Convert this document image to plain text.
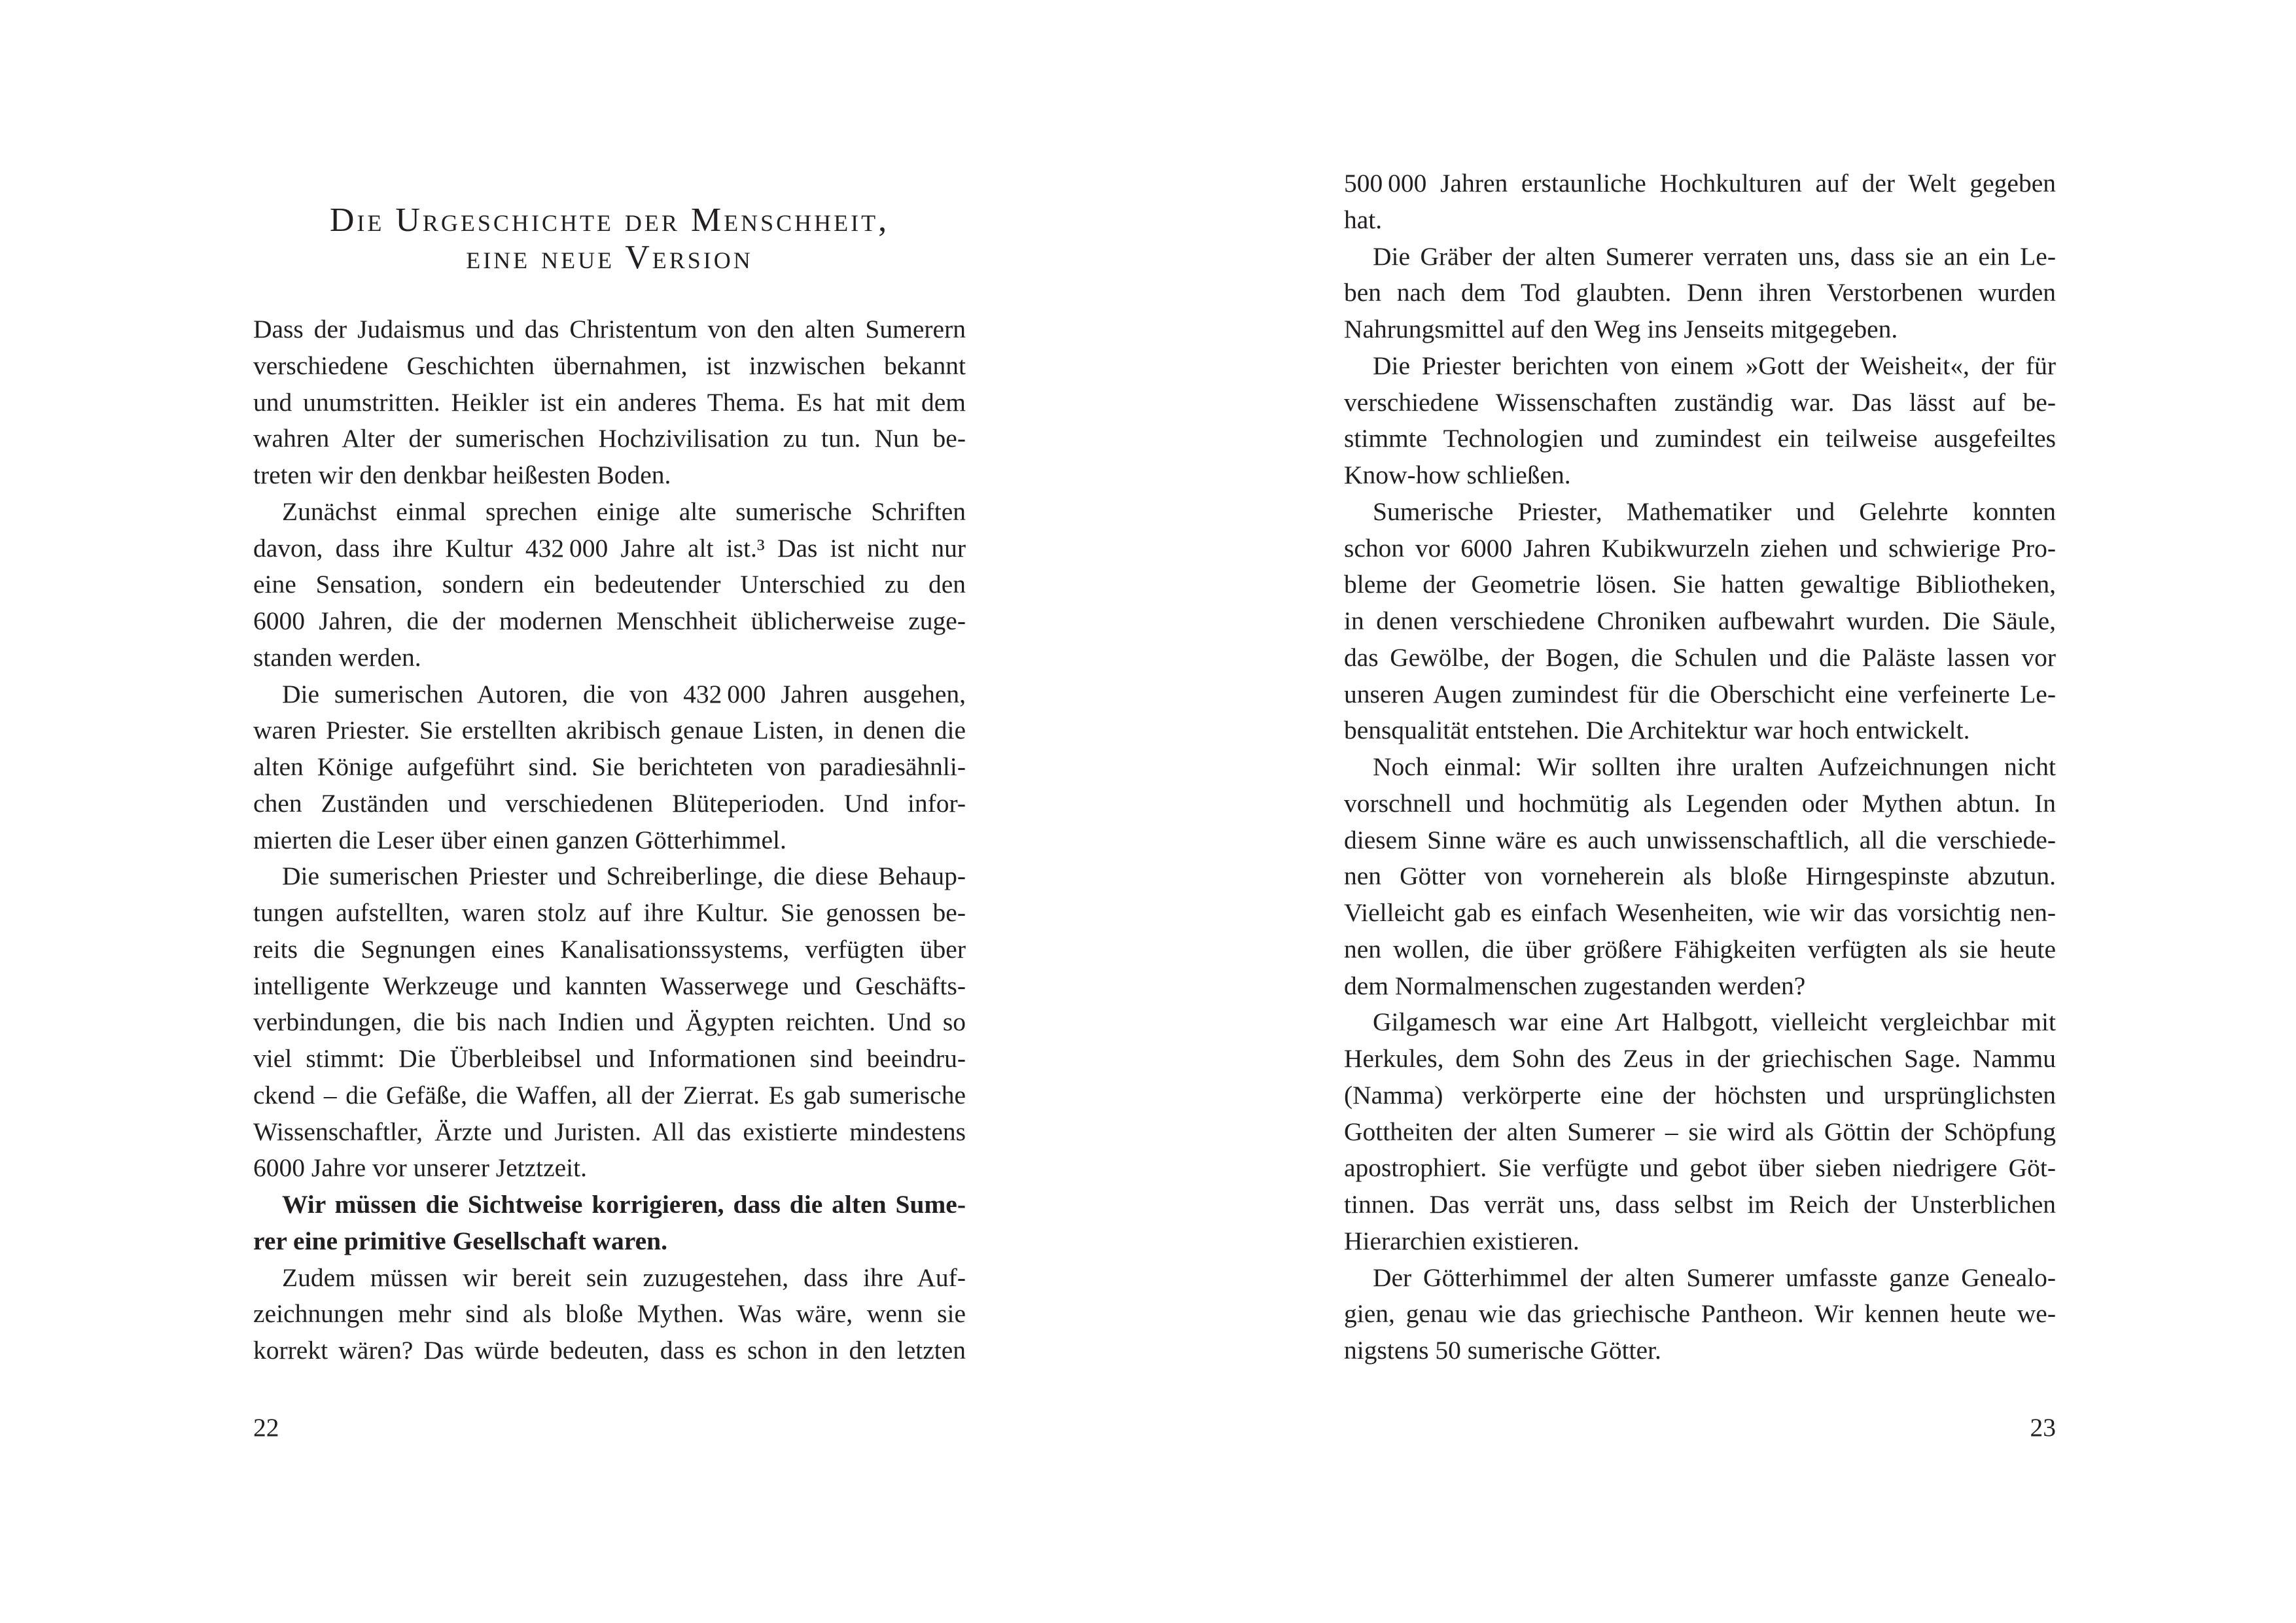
Die Urgeschichte der Menschheit,
eine neue Version
Dass der Judaismus und das Christentum von den alten Sumerern
verschiedene Geschichten übernahmen, ist inzwischen bekannt
und unumstritten. Heikler ist ein anderes Thema. Es hat mit dem
wahren Alter der sumerischen Hochzivilisation zu tun. Nun be-
treten wir den denkbar heißesten Boden.
Zunächst einmal sprechen einige alte sumerische Schriften
davon, dass ihre Kultur 432 000 Jahre alt ist.³ Das ist nicht nur
eine Sensation, sondern ein bedeutender Unterschied zu den
6000 Jahren, die der modernen Menschheit üblicherweise zuge-
standen werden.
Die sumerischen Autoren, die von 432 000 Jahren ausgehen,
waren Priester. Sie erstellten akribisch genaue Listen, in denen die
alten Könige aufgeführt sind. Sie berichteten von paradiesähnli-
chen Zuständen und verschiedenen Blüteperioden. Und infor-
mierten die Leser über einen ganzen Götterhimmel.
Die sumerischen Priester und Schreiberlinge, die diese Behaup-
tungen aufstellten, waren stolz auf ihre Kultur. Sie genossen be-
reits die Segnungen eines Kanalisationssystems, verfügten über
intelligente Werkzeuge und kannten Wasserwege und Geschäfts-
verbindungen, die bis nach Indien und Ägypten reichten. Und so
viel stimmt: Die Überbleibsel und Informationen sind beeindru-
ckend – die Gefäße, die Waffen, all der Zierrat. Es gab sumerische
Wissenschaftler, Ärzte und Juristen. All das existierte mindestens
6000 Jahre vor unserer Jetztzeit.
Wir müssen die Sichtweise korrigieren, dass die alten Sume-
rer eine primitive Gesellschaft waren.
Zudem müssen wir bereit sein zuzugestehen, dass ihre Auf-
zeichnungen mehr sind als bloße Mythen. Was wäre, wenn sie
korrekt wären? Das würde bedeuten, dass es schon in den letzten
22
500 000 Jahren erstaunliche Hochkulturen auf der Welt gegeben
hat.
Die Gräber der alten Sumerer verraten uns, dass sie an ein Le-
ben nach dem Tod glaubten. Denn ihren Verstorbenen wurden
Nahrungsmittel auf den Weg ins Jenseits mitgegeben.
Die Priester berichten von einem »Gott der Weisheit«, der für
verschiedene Wissenschaften zuständig war. Das lässt auf be-
stimmte Technologien und zumindest ein teilweise ausgefeiltes
Know-how schließen.
Sumerische Priester, Mathematiker und Gelehrte konnten
schon vor 6000 Jahren Kubikwurzeln ziehen und schwierige Pro-
bleme der Geometrie lösen. Sie hatten gewaltige Bibliotheken,
in denen verschiedene Chroniken aufbewahrt wurden. Die Säule,
das Gewölbe, der Bogen, die Schulen und die Paläste lassen vor
unseren Augen zumindest für die Oberschicht eine verfeinerte Le-
bensqualität entstehen. Die Architektur war hoch entwickelt.
Noch einmal: Wir sollten ihre uralten Aufzeichnungen nicht
vorschnell und hochmütig als Legenden oder Mythen abtun. In
diesem Sinne wäre es auch unwissenschaftlich, all die verschiede-
nen Götter von vorneherein als bloße Hirngespinste abzutun.
Vielleicht gab es einfach Wesenheiten, wie wir das vorsichtig nen-
nen wollen, die über größere Fähigkeiten verfügten als sie heute
dem Normalmenschen zugestanden werden?
Gilgamesch war eine Art Halbgott, vielleicht vergleichbar mit
Herkules, dem Sohn des Zeus in der griechischen Sage. Nammu
(Namma) verkörperte eine der höchsten und ursprünglichsten
Gottheiten der alten Sumerer – sie wird als Göttin der Schöpfung
apostrophiert. Sie verfügte und gebot über sieben niedrigere Göt-
tinnen. Das verrät uns, dass selbst im Reich der Unsterblichen
Hierarchien existieren.
Der Götterhimmel der alten Sumerer umfasste ganze Genealo-
gien, genau wie das griechische Pantheon. Wir kennen heute we-
nigstens 50 sumerische Götter.
23
